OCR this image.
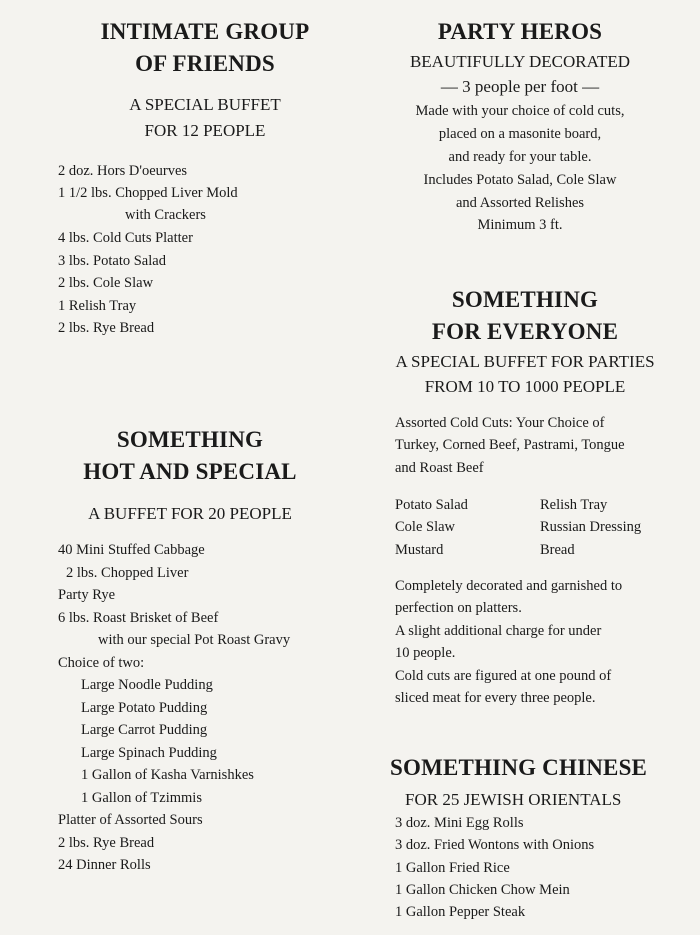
INTIMATE GROUP
OF FRIENDS
A SPECIAL BUFFET
FOR 12 PEOPLE
2 doz. Hors D'oeurves
1 1/2 lbs. Chopped Liver Mold
with Crackers
4 lbs. Cold Cuts Platter
3 lbs. Potato Salad
2 lbs. Cole Slaw
1 Relish Tray
2 lbs. Rye Bread
SOMETHING
HOT AND SPECIAL
A BUFFET FOR 20 PEOPLE
40 Mini Stuffed Cabbage
2 lbs. Chopped Liver
Party Rye
6 lbs. Roast Brisket of Beef
with our special Pot Roast Gravy
Choice of two:
Large Noodle Pudding
Large Potato Pudding
Large Carrot Pudding
Large Spinach Pudding
1 Gallon of Kasha Varnishkes
1 Gallon of Tzimmis
Platter of Assorted Sours
2 lbs. Rye Bread
24 Dinner Rolls
PARTY HEROS
BEAUTIFULLY DECORATED
— 3 people per foot —
Made with your choice of cold cuts,
placed on a masonite board,
and ready for your table.
Includes Potato Salad, Cole Slaw
and Assorted Relishes
Minimum 3 ft.
SOMETHING
FOR EVERYONE
A SPECIAL BUFFET FOR PARTIES
FROM 10 TO 1000 PEOPLE
Assorted Cold Cuts: Your Choice of
Turkey, Corned Beef, Pastrami, Tongue
and Roast Beef
Potato Salad
Cole Slaw
Mustard
Relish Tray
Russian Dressing
Bread
Completely decorated and garnished to
perfection on platters.
A slight additional charge for under
10 people.
Cold cuts are figured at one pound of
sliced meat for every three people.
SOMETHING CHINESE
FOR 25 JEWISH ORIENTALS
3 doz. Mini Egg Rolls
3 doz. Fried Wontons with Onions
1 Gallon Fried Rice
1 Gallon Chicken Chow Mein
1 Gallon Pepper Steak
